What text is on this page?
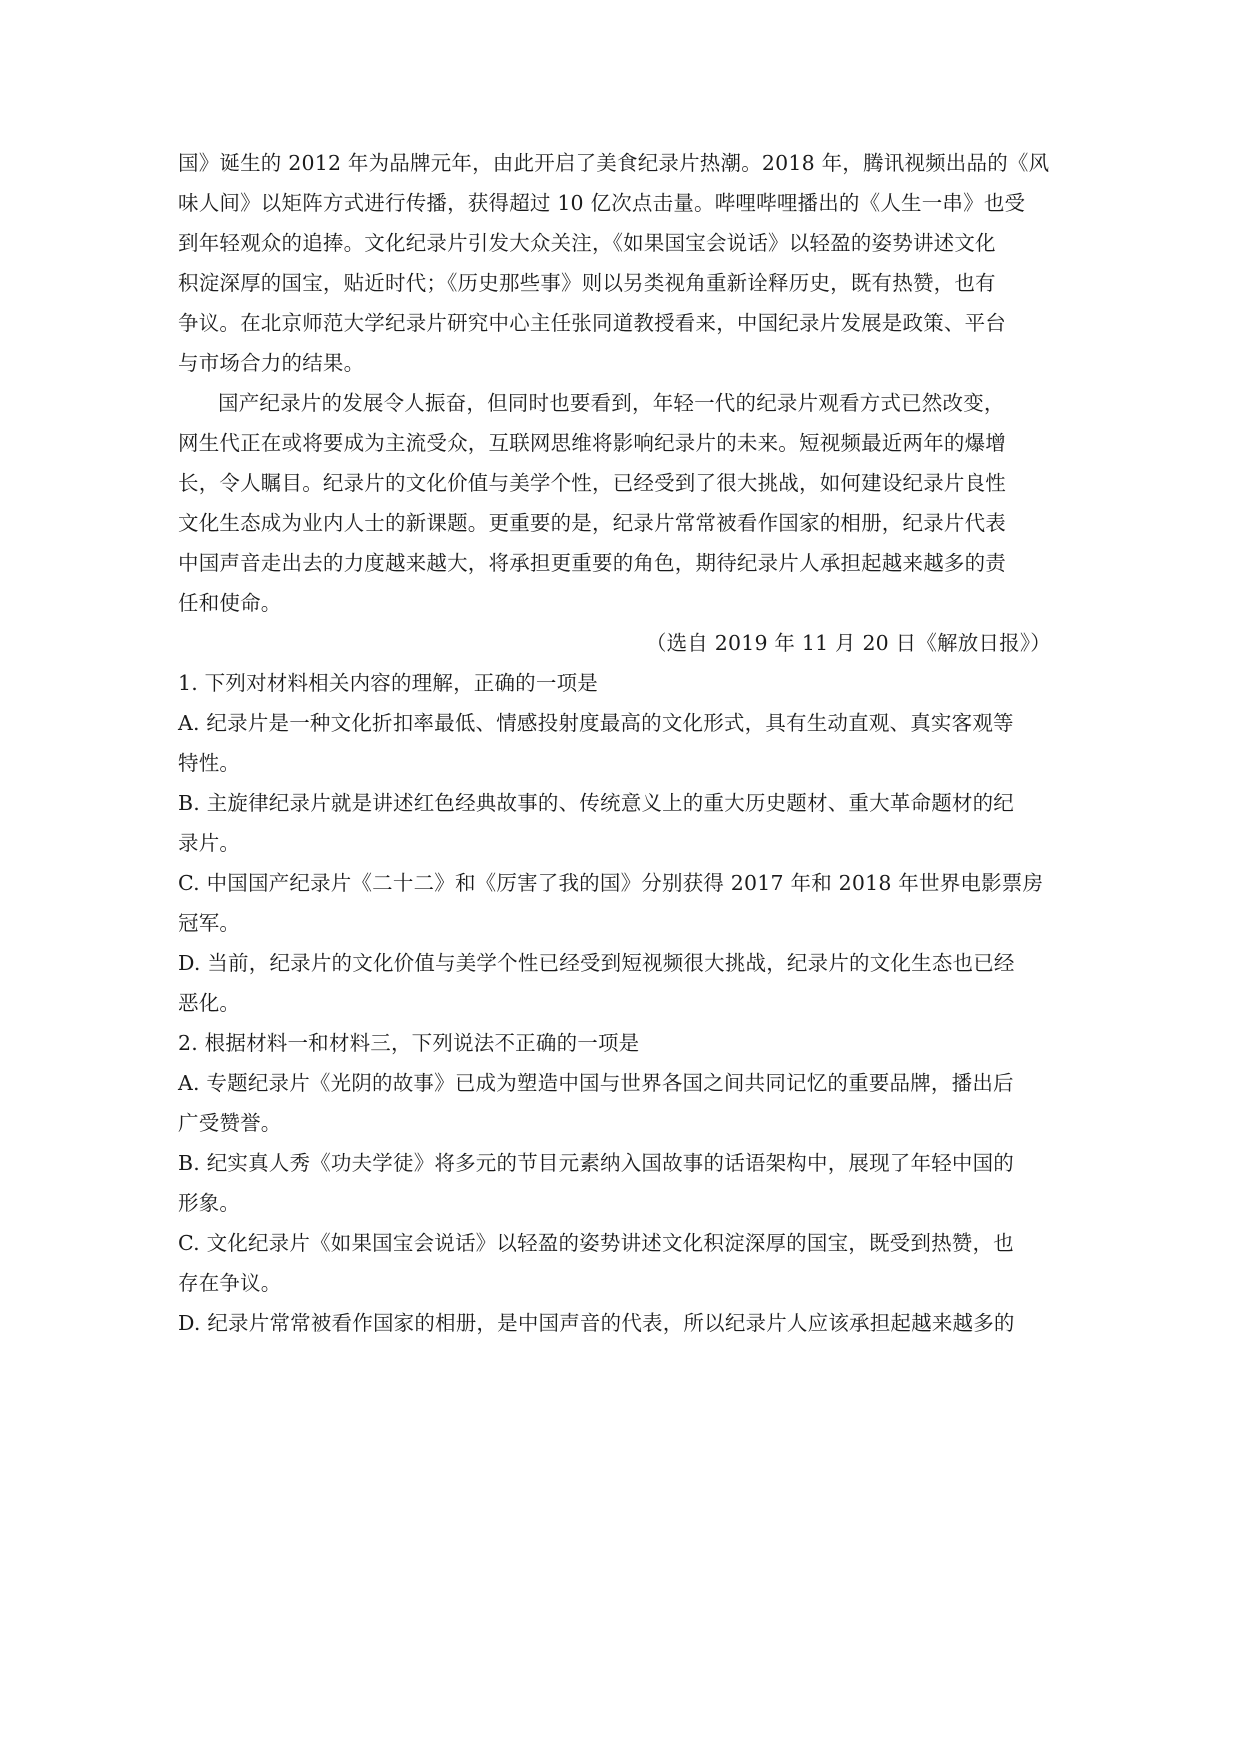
国》诞生的 2012 年为品牌元年，由此开启了美食纪录片热潮。2018 年，腾讯视频出品的《风
味人间》以矩阵方式进行传播，获得超过 10 亿次点击量。哔哩哔哩播出的《人生一串》也受
到年轻观众的追捧。文化纪录片引发大众关注，《如果国宝会说话》以轻盈的姿势讲述文化
积淀深厚的国宝，贴近时代；《历史那些事》则以另类视角重新诠释历史，既有热赞，也有
争议。在北京师范大学纪录片研究中心主任张同道教授看来，中国纪录片发展是政策、平台
与市场合力的结果。
国产纪录片的发展令人振奋，但同时也要看到，年轻一代的纪录片观看方式已然改变，
网生代正在或将要成为主流受众，互联网思维将影响纪录片的未来。短视频最近两年的爆增
长，令人瞩目。纪录片的文化价值与美学个性，已经受到了很大挑战，如何建设纪录片良性
文化生态成为业内人士的新课题。更重要的是，纪录片常常被看作国家的相册，纪录片代表
中国声音走出去的力度越来越大，将承担更重要的角色，期待纪录片人承担起越来越多的责
任和使命。
（选自 2019 年 11 月 20 日《解放日报》）
1. 下列对材料相关内容的理解，正确的一项是
A. 纪录片是一种文化折扣率最低、情感投射度最高的文化形式，具有生动直观、真实客观等
特性。
B. 主旋律纪录片就是讲述红色经典故事的、传统意义上的重大历史题材、重大革命题材的纪
录片。
C. 中国国产纪录片《二十二》和《厉害了我的国》分别获得 2017 年和 2018 年世界电影票房
冠军。
D. 当前，纪录片的文化价值与美学个性已经受到短视频很大挑战，纪录片的文化生态也已经
恶化。
2. 根据材料一和材料三，下列说法不正确的一项是
A. 专题纪录片《光阴的故事》已成为塑造中国与世界各国之间共同记忆的重要品牌，播出后
广受赞誉。
B. 纪实真人秀《功夫学徒》将多元的节目元素纳入国故事的话语架构中，展现了年轻中国的
形象。
C. 文化纪录片《如果国宝会说话》以轻盈的姿势讲述文化积淀深厚的国宝，既受到热赞，也
存在争议。
D. 纪录片常常被看作国家的相册，是中国声音的代表，所以纪录片人应该承担起越来越多的
